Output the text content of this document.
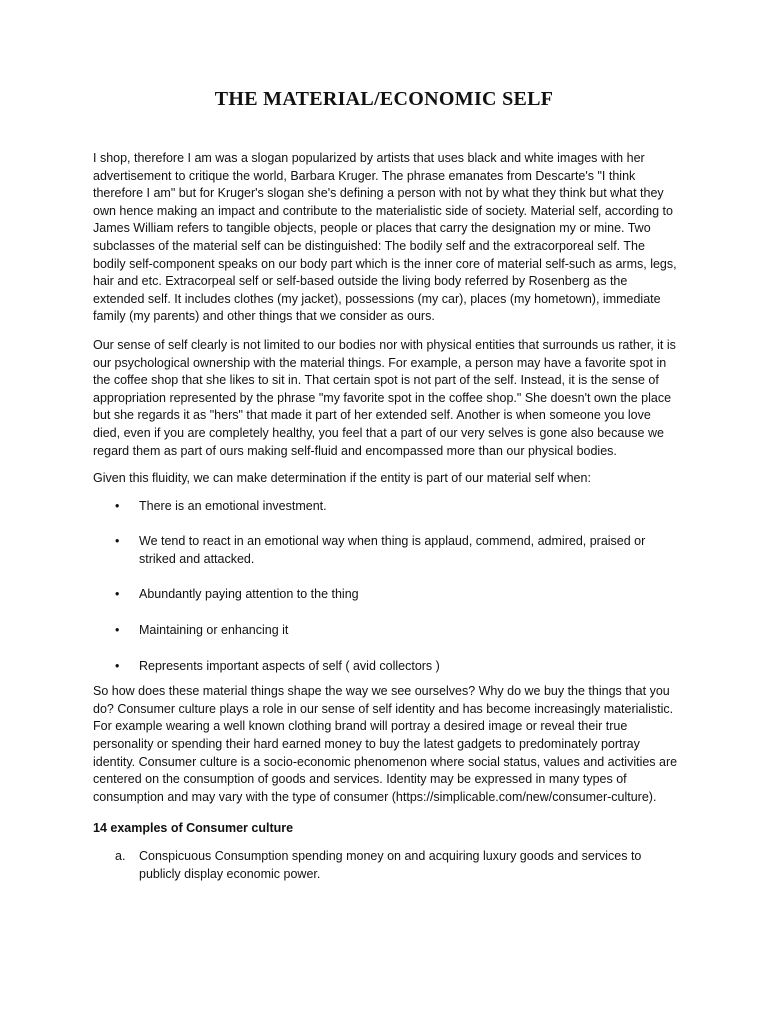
THE MATERIAL/ECONOMIC SELF

I shop, therefore I am was a slogan popularized by artists that uses black and white images with her advertisement to critique the world, Barbara Kruger. The phrase emanates from Descarte's "I think therefore I am" but for Kruger's slogan she's defining a person with not by what they think but what they own hence making an impact and contribute to the materialistic side of society. Material self, according to James William refers to tangible objects, people or places that carry the designation my or mine. Two subclasses of the material self can be distinguished: The bodily self and the extracorporeal self. The bodily self-component speaks on our body part which is the inner core of material self-such as arms, legs, hair and etc. Extracorpeal self or self-based outside the living body referred by Rosenberg as the extended self. It includes clothes (my jacket), possessions (my car), places (my hometown), immediate family (my parents) and other things that we consider as ours.

Our sense of self clearly is not limited to our bodies nor with physical entities that surrounds us rather, it is our psychological ownership with the material things. For example, a person may have a favorite spot in the coffee shop that she likes to sit in. That certain spot is not part of the self. Instead, it is the sense of appropriation represented by the phrase "my favorite spot in the coffee shop." She doesn't own the place but she regards it as "hers" that made it part of her extended self. Another is when someone you love died, even if you are completely healthy, you feel that a part of our very selves is gone also because we regard them as part of ours making self-fluid and encompassed more than our physical bodies.

Given this fluidity, we can make determination if the entity is part of our material self when:

• There is an emotional investment.
• We tend to react in an emotional way when thing is applaud, commend, admired, praised or striked and attacked.
• Abundantly paying attention to the thing
• Maintaining or enhancing it
• Represents important aspects of self ( avid collectors )

So how does these material things shape the way we see ourselves? Why do we buy the things that you do? Consumer culture plays a role in our sense of self identity and has become increasingly materialistic. For example wearing a well known clothing brand will portray a desired image or reveal their true personality or spending their hard earned money to buy the latest gadgets to predominately portray identity. Consumer culture is a socio-economic phenomenon where social status, values and activities are centered on the consumption of goods and services. Identity may be expressed in many types of consumption and may vary with the type of consumer (https://simplicable.com/new/consumer-culture).

14 examples of Consumer culture
a. Conspicuous Consumption spending money on and acquiring luxury goods and services to publicly display economic power.
